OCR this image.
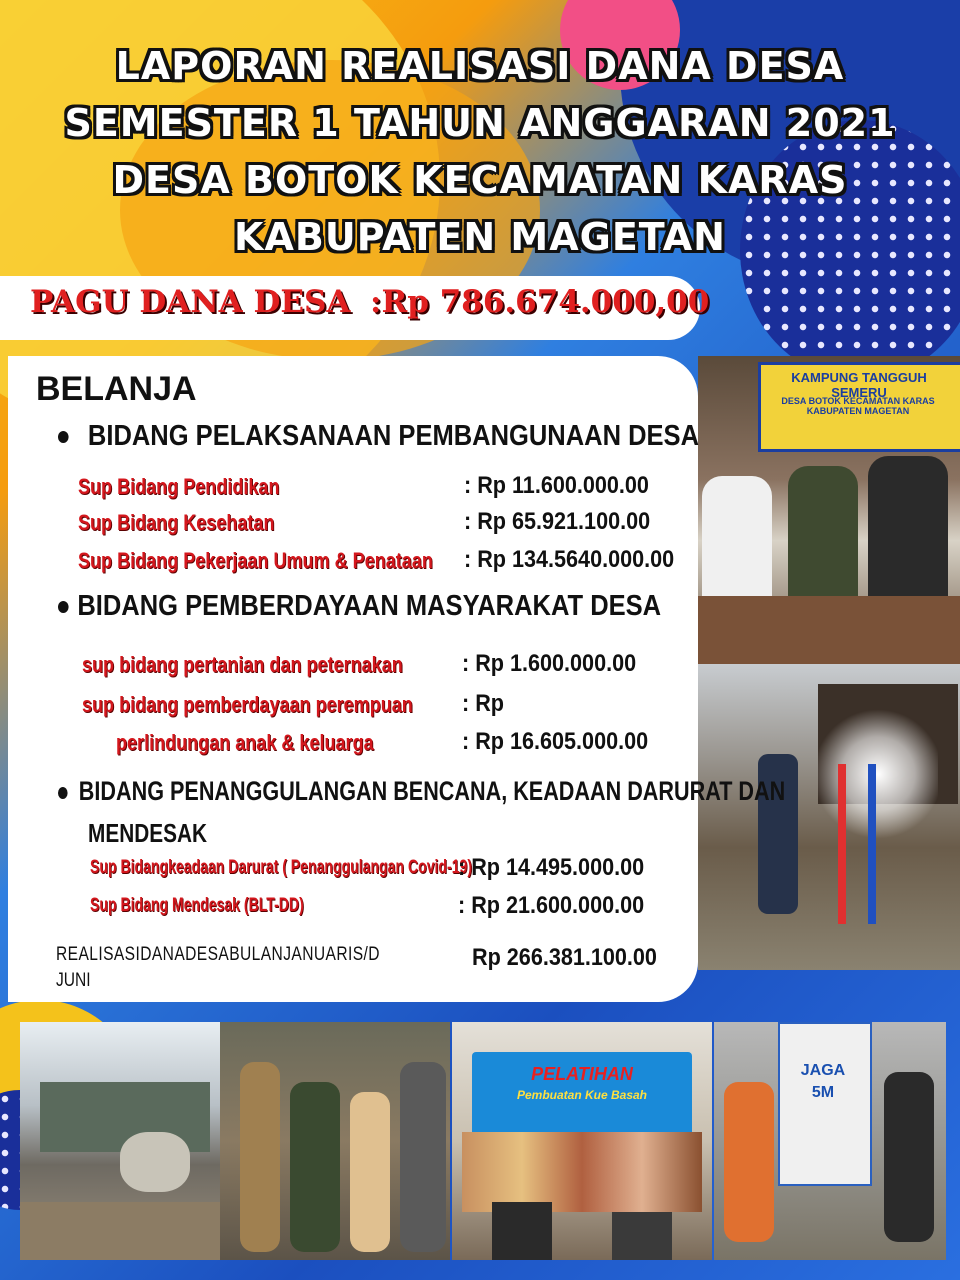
LAPORAN REALISASI DANA DESA
SEMESTER 1 TAHUN ANGGARAN 2021
DESA BOTOK KECAMATAN KARAS
KABUPATEN MAGETAN
PAGU DANA DESA :Rp 786.674.000,00
KAMPUNG TANGGUH SEMERU
DESA BOTOK KECAMATAN KARAS KABUPATEN MAGETAN
PELATIHAN
Pembuatan Kue Basah
JAGA
5M
BELANJA
BIDANG PELAKSANAAN PEMBANGUNAAN DESA
Sup Bidang Pendidikan	: Rp 11.600.000.00
Sup Bidang Kesehatan	: Rp 65.921.100.00
Sup Bidang Pekerjaan Umum & Penataan : Rp 134.5640.000.00
BIDANG PEMBERDAYAAN MASYARAKAT DESA
sup bidang pertanian dan peternakan : Rp 1.600.000.00
sup bidang pemberdayaan perempuan : Rp
perlindungan anak & keluarga	: Rp 16.605.000.00
BIDANG PENANGGULANGAN BENCANA, KEADAAN DARURAT DAN
MENDESAK
Sup Bidangkeadaan Darurat ( Penanggulangan Covid-19)
: Rp 14.495.000.00
Sup Bidang Mendesak (BLT-DD)	: Rp 21.600.000.00
REALISASIDANADESABULANJANUARIS/D
JUNI
Rp 266.381.100.00
